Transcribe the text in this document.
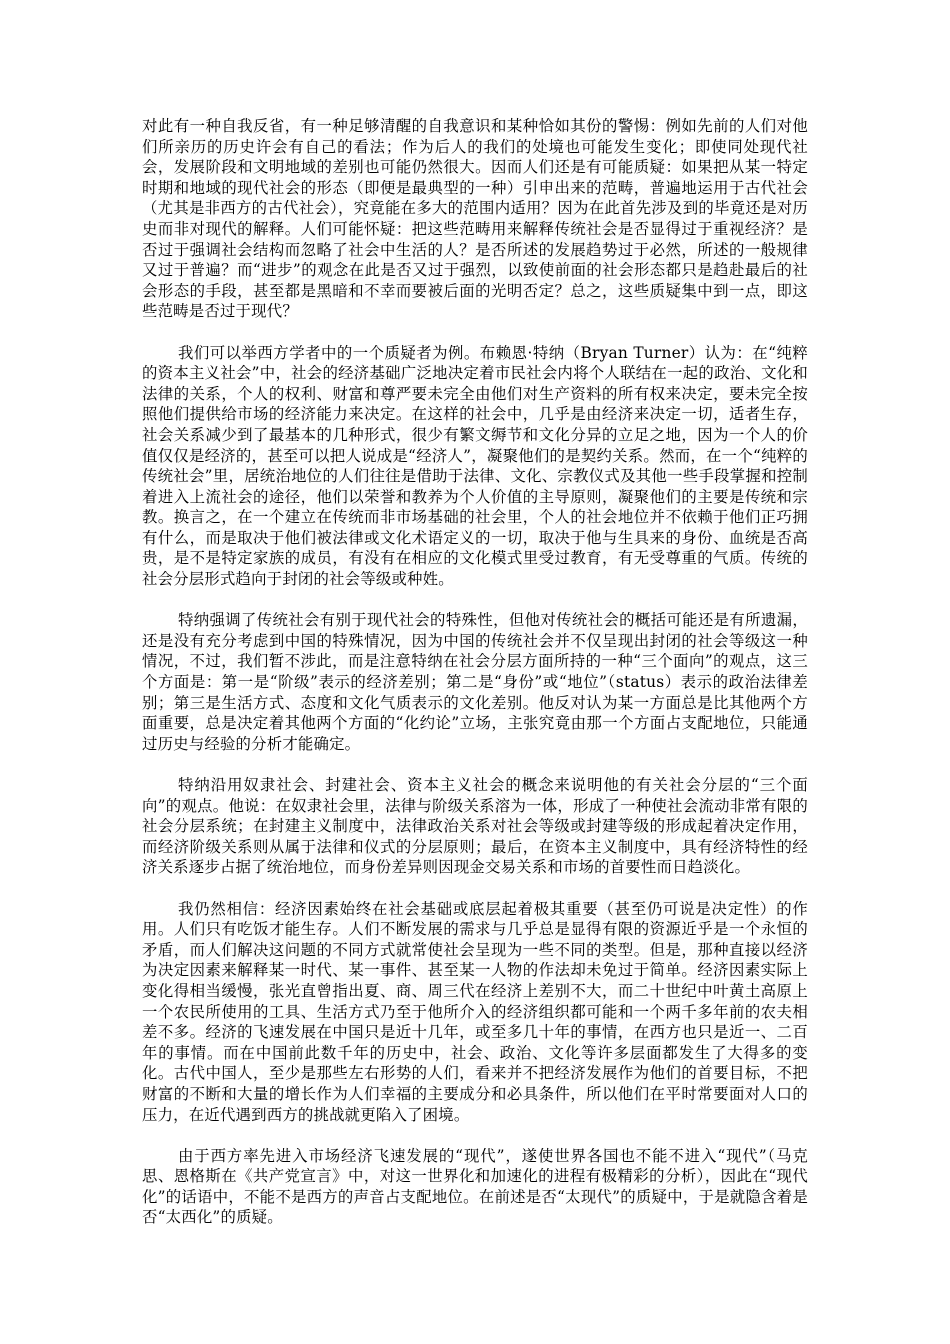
对此有一种自我反省，有一种足够清醒的自我意识和某种恰如其份的警惕：例如先前的人们对他们所亲历的历史许会有自己的看法；作为后人的我们的处境也可能发生变化；即使同处现代社会，发展阶段和文明地域的差别也可能仍然很大。因而人们还是有可能质疑：如果把从某一特定时期和地域的现代社会的形态（即便是最典型的一种）引申出来的范畴，普遍地运用于古代社会（尤其是非西方的古代社会），究竟能在多大的范围内适用？因为在此首先涉及到的毕竟还是对历史而非对现代的解释。人们可能怀疑：把这些范畴用来解释传统社会是否显得过于重视经济？是否过于强调社会结构而忽略了社会中生活的人？是否所述的发展趋势过于必然，所述的一般规律又过于普遍？而“进步”的观念在此是否又过于强烈，以致使前面的社会形态都只是趋赴最后的社会形态的手段，甚至都是黑暗和不幸而要被后面的光明否定？总之，这些质疑集中到一点，即这些范畴是否过于现代？

我们可以举西方学者中的一个质疑者为例。布赖恩·特纳（Bryan Turner）认为：在“纯粹的资本主义社会”中，社会的经济基础广泛地决定着市民社会内将个人联结在一起的政治、文化和法律的关系，个人的权利、财富和尊严要未完全由他们对生产资料的所有权来决定，要未完全按照他们提供给市场的经济能力来决定。在这样的社会中，几乎是由经济来决定一切，适者生存，社会关系减少到了最基本的几种形式，很少有繁文缛节和文化分异的立足之地，因为一个人的价值仅仅是经济的，甚至可以把人说成是“经济人”，凝聚他们的是契约关系。然而，在一个“纯粹的传统社会”里，居统治地位的人们往往是借助于法律、文化、宗教仪式及其他一些手段掌握和控制着进入上流社会的途径，他们以荣誉和教养为个人价值的主导原则，凝聚他们的主要是传统和宗教。换言之，在一个建立在传统而非市场基础的社会里，个人的社会地位并不依赖于他们正巧拥有什么，而是取决于他们被法律或文化术语定义的一切，取决于他与生具来的身份、血统是否高贵，是不是特定家族的成员，有没有在相应的文化模式里受过教育，有无受尊重的气质。传统的社会分层形式趋向于封闭的社会等级或种姓。

特纳强调了传统社会有别于现代社会的特殊性，但他对传统社会的概括可能还是有所遗漏，还是没有充分考虑到中国的特殊情况，因为中国的传统社会并不仅呈现出封闭的社会等级这一种情况，不过，我们暂不涉此，而是注意特纳在社会分层方面所持的一种“三个面向”的观点，这三个方面是：第一是“阶级”表示的经济差别；第二是“身份”或“地位”（status）表示的政治法律差别；第三是生活方式、态度和文化气质表示的文化差别。他反对认为某一方面总是比其他两个方面重要，总是决定着其他两个方面的“化约论”立场，主张究竟由那一个方面占支配地位，只能通过历史与经验的分析才能确定。

特纳沿用奴隶社会、封建社会、资本主义社会的概念来说明他的有关社会分层的“三个面向”的观点。他说：在奴隶社会里，法律与阶级关系溶为一体，形成了一种使社会流动非常有限的社会分层系统；在封建主义制度中，法律政治关系对社会等级或封建等级的形成起着决定作用，而经济阶级关系则从属于法律和仪式的分层原则；最后，在资本主义制度中，具有经济特性的经济关系逐步占据了统治地位，而身份差异则因现金交易关系和市场的首要性而日趋淡化。

我仍然相信：经济因素始终在社会基础或底层起着极其重要（甚至仍可说是决定性）的作用。人们只有吃饭才能生存。人们不断发展的需求与几乎总是显得有限的资源近乎是一个永恒的矛盾，而人们解决这问题的不同方式就常使社会呈现为一些不同的类型。但是，那种直接以经济为决定因素来解释某一时代、某一事件、甚至某一人物的作法却未免过于简单。经济因素实际上变化得相当缓慢，张光直曾指出夏、商、周三代在经济上差别不大，而二十世纪中叶黄土高原上一个农民所使用的工具、生活方式乃至于他所介入的经济组织都可能和一个两千多年前的农夫相差不多。经济的飞速发展在中国只是近十几年，或至多几十年的事情，在西方也只是近一、二百年的事情。而在中国前此数千年的历史中，社会、政治、文化等许多层面都发生了大得多的变化。古代中国人，至少是那些左右形势的人们，看来并不把经济发展作为他们的首要目标，不把财富的不断和大量的增长作为人们幸福的主要成分和必具条件，所以他们在平时常要面对人口的压力，在近代遇到西方的挑战就更陷入了困境。

由于西方率先进入市场经济飞速发展的“现代”，遂使世界各国也不能不进入“现代”（马克思、恩格斯在《共产党宣言》中，对这一世界化和加速化的进程有极精彩的分析），因此在“现代化”的话语中，不能不是西方的声音占支配地位。在前述是否“太现代”的质疑中，于是就隐含着是否“太西化”的质疑。
